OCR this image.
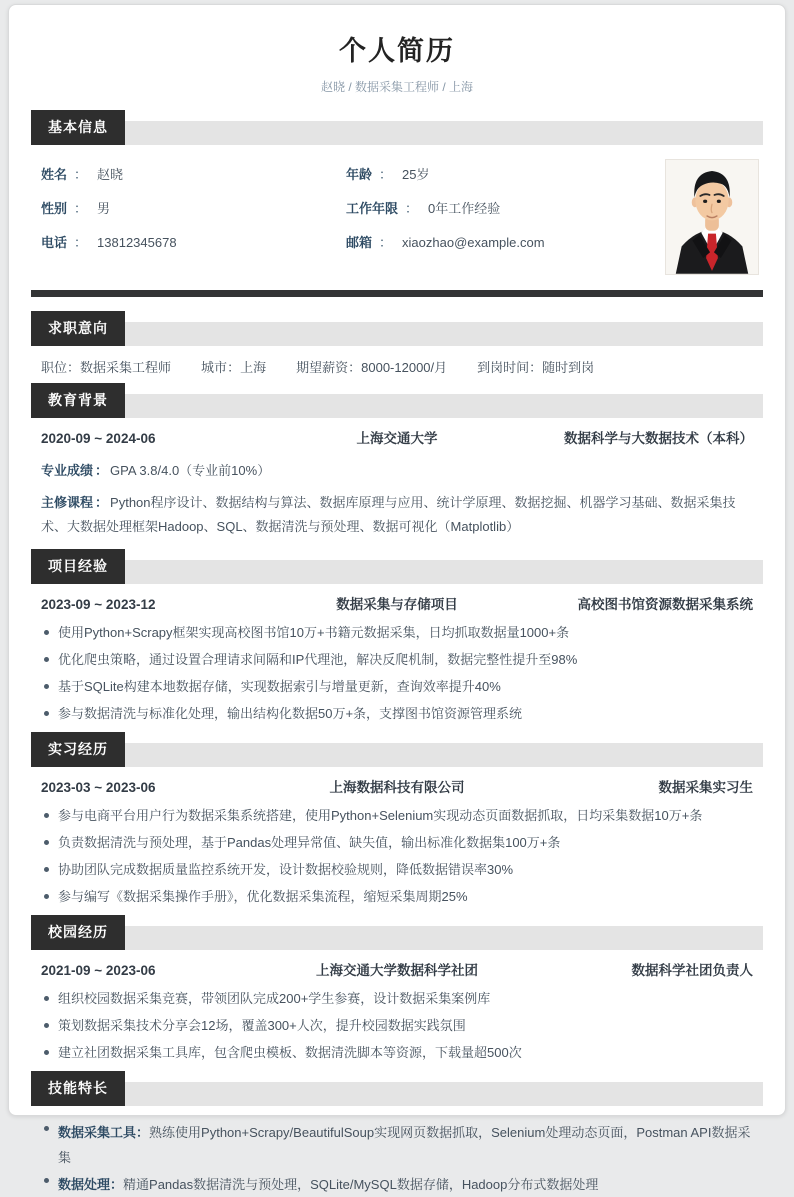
个人简历
赵晓 / 数据采集工程师 / 上海
基本信息
姓名 ： 赵晓
性别 ： 男
电话 ： 13812345678
年龄 ： 25岁
工作年限 ： 0年工作经验
邮箱 ： xiaozhao@example.com
求职意向
职位：数据采集工程师 城市：上海 期望薪资：8000-12000/月 到岗时间：随时到岗
教育背景
2020-09 ~ 2024-06	上海交通大学	数据科学与大数据技术（本科）
专业成绩 ： GPA 3.8/4.0（专业前10%）
主修课程 ： Python程序设计、数据结构与算法、数据库原理与应用、统计学原理、数据挖掘、机器学习基础、数据采集技术、大数据处理框架Hadoop、SQL、数据清洗与预处理、数据可视化（Matplotlib）
项目经验
2023-09 ~ 2023-12	数据采集与存储项目	高校图书馆资源数据采集系统
使用Python+Scrapy框架实现高校图书馆10万+书籍元数据采集，日均抓取数据量1000+条
优化爬虫策略，通过设置合理请求间隔和IP代理池，解决反爬机制，数据完整性提升至98%
基于SQLite构建本地数据存储，实现数据索引与增量更新，查询效率提升40%
参与数据清洗与标准化处理，输出结构化数据50万+条，支撑图书馆资源管理系统
实习经历
2023-03 ~ 2023-06	上海数据科技有限公司	数据采集实习生
参与电商平台用户行为数据采集系统搭建，使用Python+Selenium实现动态页面数据抓取，日均采集数据10万+条
负责数据清洗与预处理，基于Pandas处理异常值、缺失值，输出标准化数据集100万+条
协助团队完成数据质量监控系统开发，设计数据校验规则，降低数据错误率30%
参与编写《数据采集操作手册》，优化数据采集流程，缩短采集周期25%
校园经历
2021-09 ~ 2023-06	上海交通大学数据科学社团	数据科学社团负责人
组织校园数据采集竞赛，带领团队完成200+学生参赛，设计数据采集案例库
策划数据采集技术分享会12场，覆盖300+人次，提升校园数据实践氛围
建立社团数据采集工具库，包含爬虫模板、数据清洗脚本等资源，下载量超500次
技能特长
数据采集工具：熟练使用Python+Scrapy/BeautifulSoup实现网页数据抓取，Selenium处理动态页面，Postman API数据采集
数据处理：精通Pandas数据清洗与预处理，SQLite/MySQL数据存储，Hadoop分布式数据处理
